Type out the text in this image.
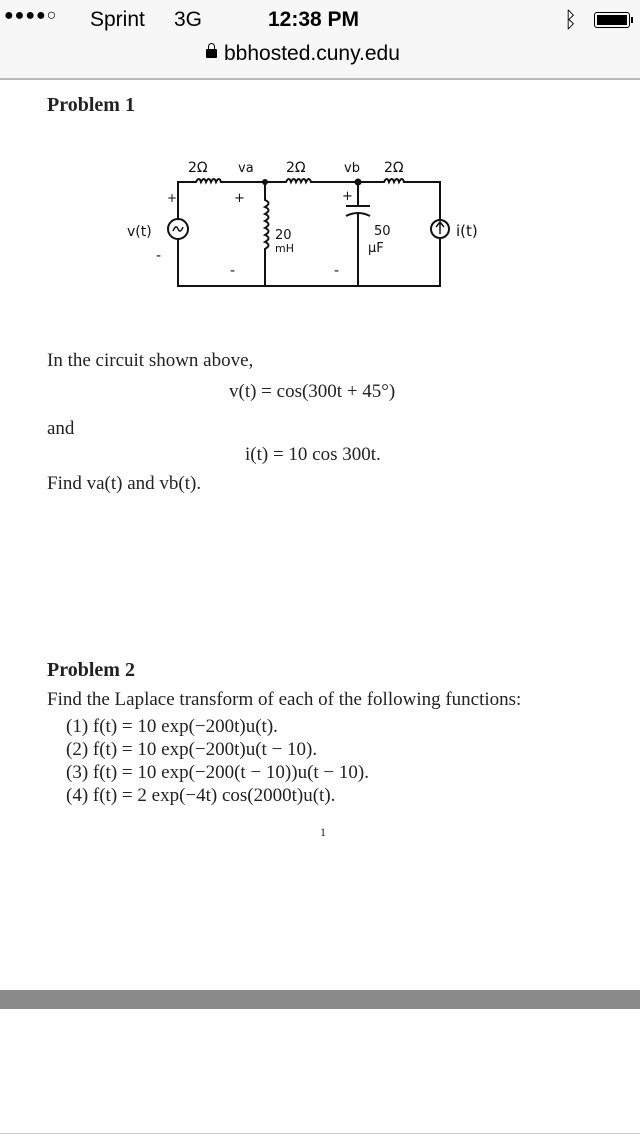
●●●●○ Sprint 3G	12:38 PM	ᛒ
bbhosted.cuny.edu
Problem 1
2Ω va 2Ω	vb 2Ω
v(t)
+
-
+
-
20
mH
+
-
50
μF
i(t)
In the circuit shown above,
v(t) = cos(300t + 45°)
and
i(t) = 10 cos 300t.
Find va(t) and vb(t).
Problem 2
Find the Laplace transform of each of the following functions:
(1) f(t) = 10 exp(−200t)u(t).
(2) f(t) = 10 exp(−200t)u(t − 10).
(3) f(t) = 10 exp(−200(t − 10))u(t − 10).
(4) f(t) = 2 exp(−4t) cos(2000t)u(t).
1
